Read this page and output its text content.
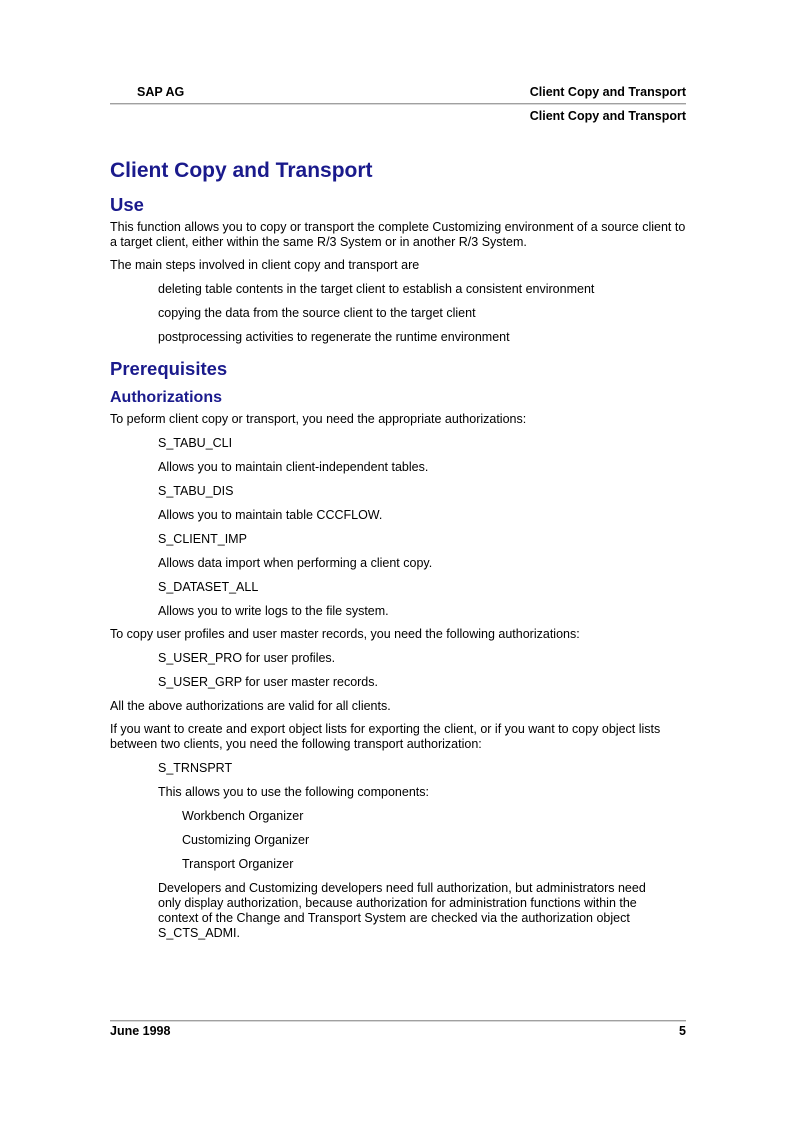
SAP AG	Client Copy and Transport
Client Copy and Transport
Client Copy and Transport
Use

This function allows you to copy or transport the complete Customizing environment of a source client to a target client, either within the same R/3 System or in another R/3 System.

The main steps involved in client copy and transport are

deleting table contents in the target client to establish a consistent environment

copying the data from the source client to the target client

postprocessing activities to regenerate the runtime environment

Prerequisites
Authorizations

To peform client copy or transport, you need the appropriate authorizations:

S_TABU_CLI

Allows you to maintain client-independent tables.

S_TABU_DIS

Allows you to maintain table CCCFLOW.

S_CLIENT_IMP

Allows data import when performing a client copy.

S_DATASET_ALL

Allows you to write logs to the file system.

To copy user profiles and user master records, you need the following authorizations:

S_USER_PRO for user profiles.

S_USER_GRP for user master records.

All the above authorizations are valid for all clients.

If you want to create and export object lists for exporting the client, or if you want to copy object lists between two clients, you need the following transport authorization:

S_TRNSPRT

This allows you to use the following components:

Workbench Organizer

Customizing Organizer

Transport Organizer

Developers and Customizing developers need full authorization, but administrators need only display authorization, because authorization for administration functions within the context of the Change and Transport System are checked via the authorization object S_CTS_ADMI.

June 1998	5
